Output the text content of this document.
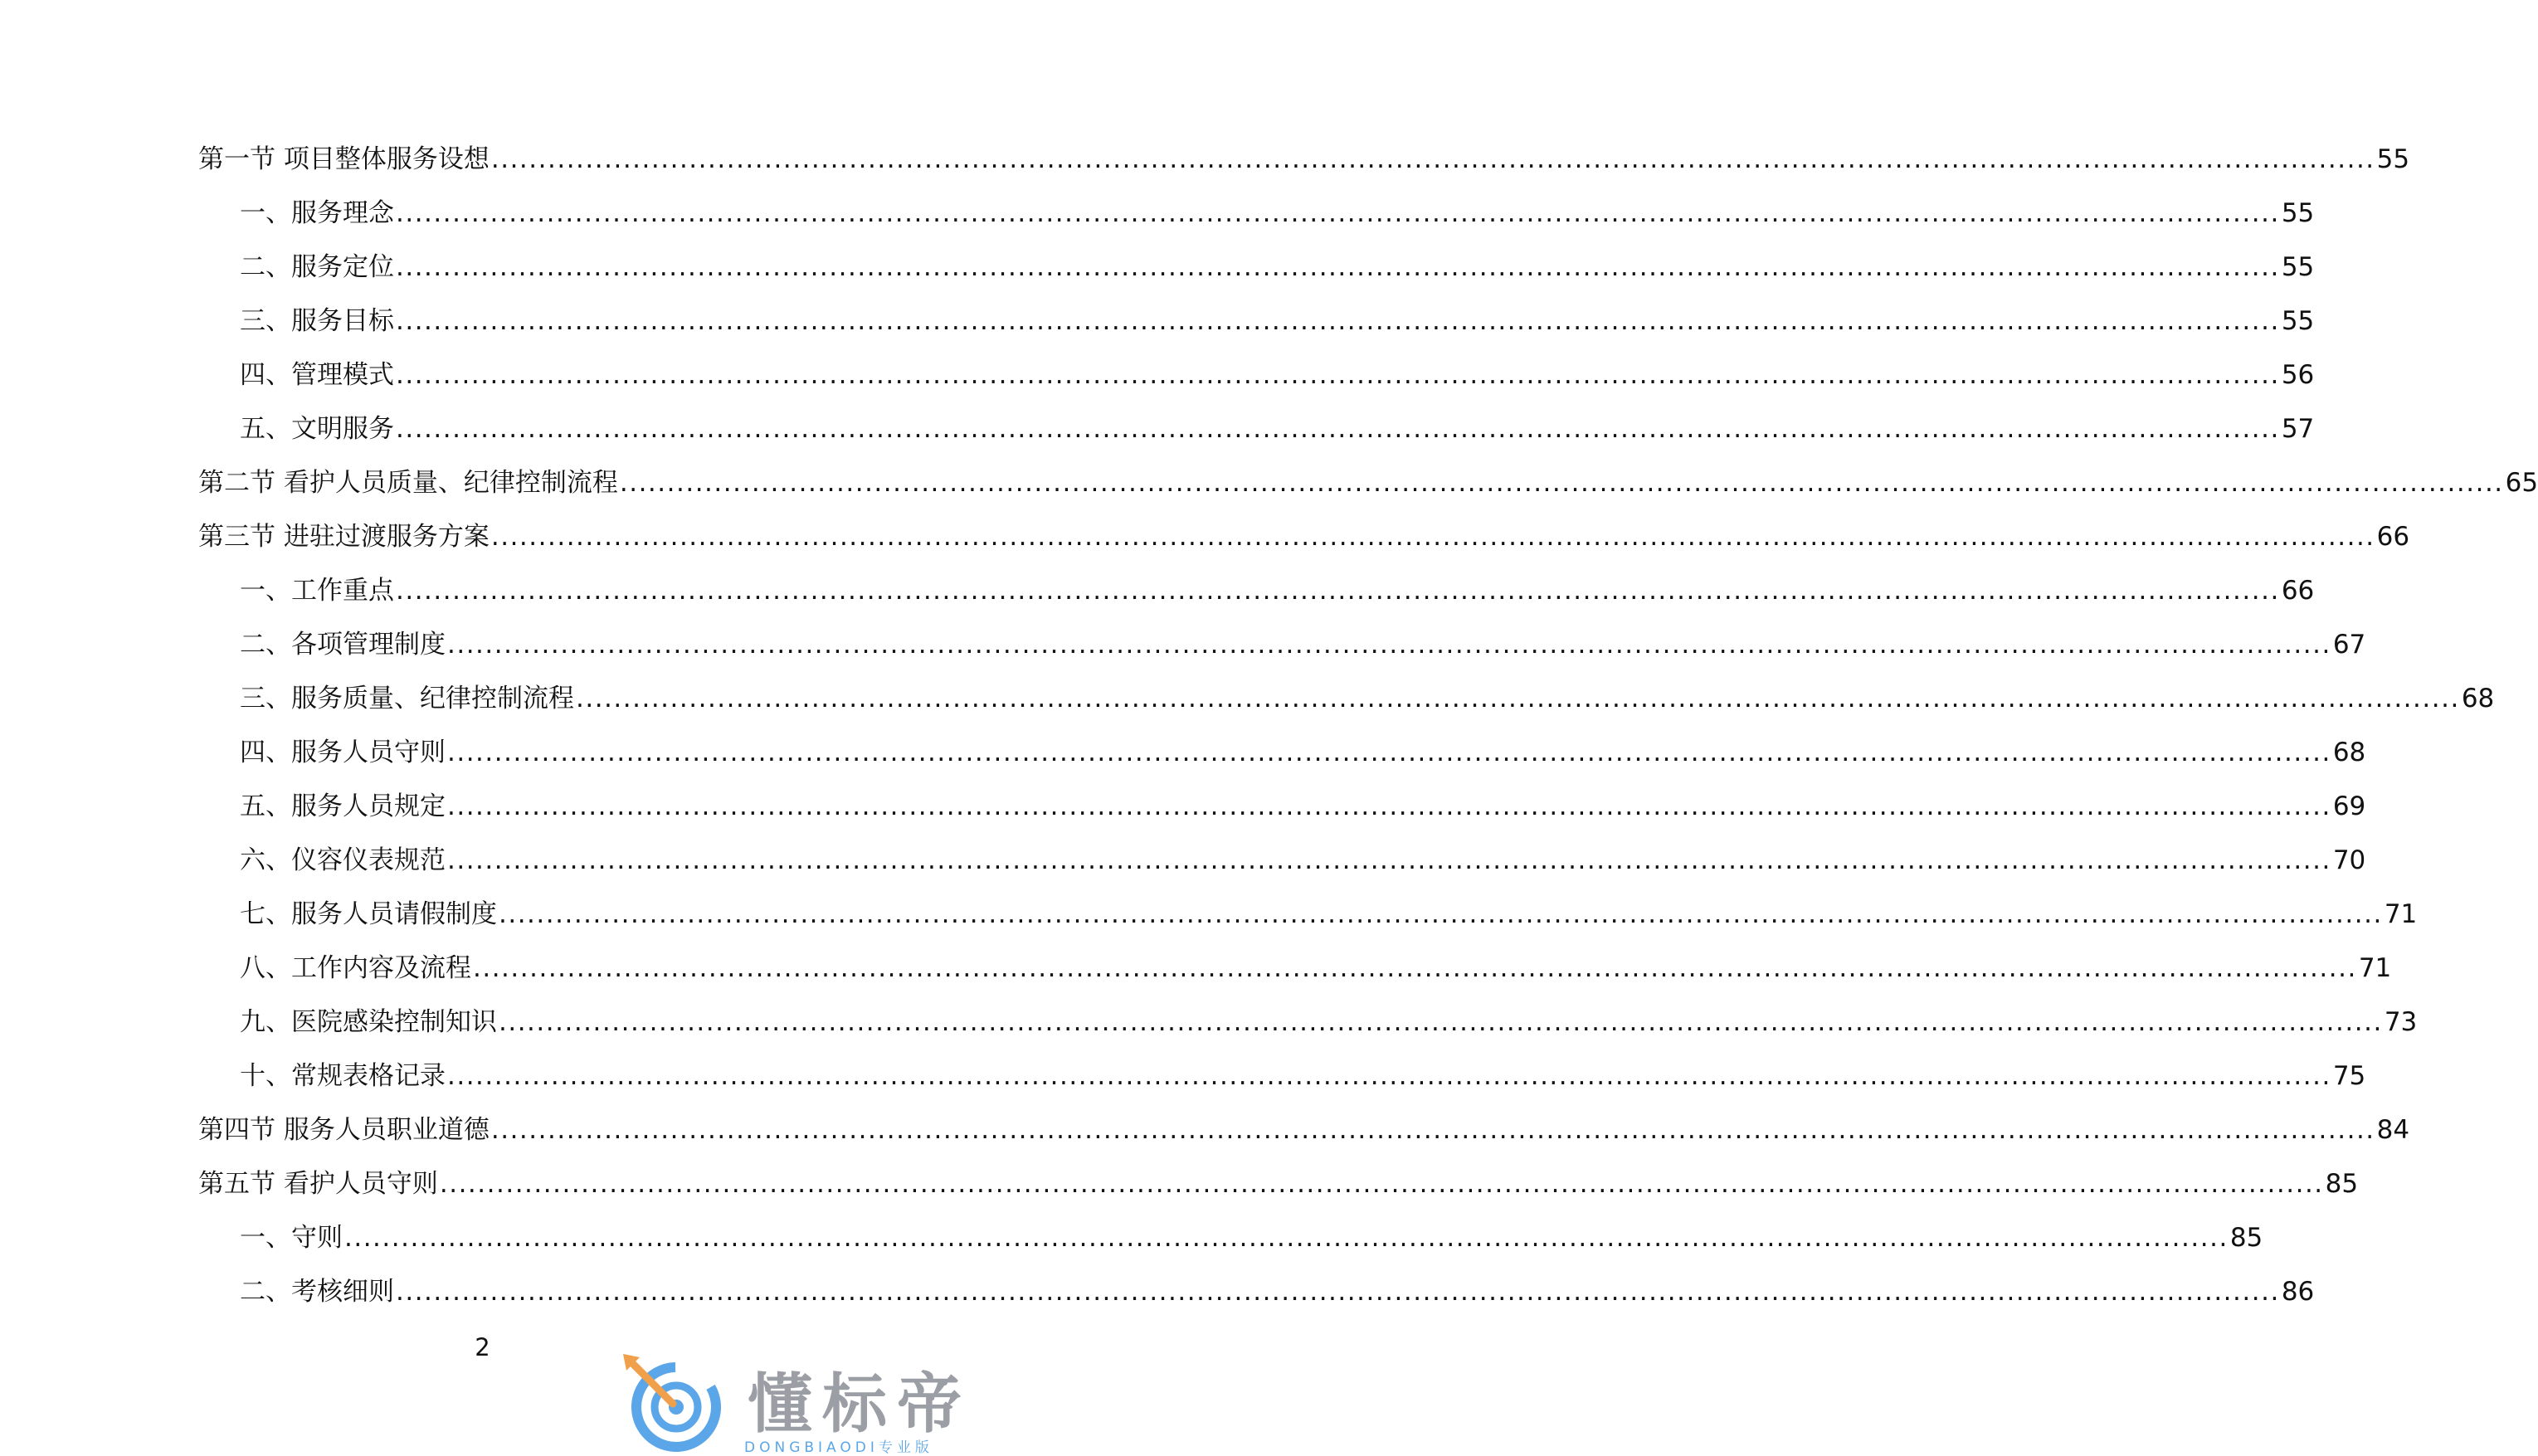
第一节 项目整体服务设想 ........................................................................................................................................................................................................ 55
一、服务理念 ........................................................................................................................................................................................................ 55
二、服务定位 ........................................................................................................................................................................................................ 55
三、服务目标 ........................................................................................................................................................................................................ 55
四、管理模式 ........................................................................................................................................................................................................ 56
五、文明服务 ........................................................................................................................................................................................................ 57
第二节 看护人员质量、纪律控制流程 ........................................................................................................................................................................................................ 65
第三节 进驻过渡服务方案 ........................................................................................................................................................................................................ 66
一、工作重点 ........................................................................................................................................................................................................ 66
二、各项管理制度 ........................................................................................................................................................................................................ 67
三、服务质量、纪律控制流程 ........................................................................................................................................................................................................ 68
四、服务人员守则 ........................................................................................................................................................................................................ 68
五、服务人员规定 ........................................................................................................................................................................................................ 69
六、仪容仪表规范 ........................................................................................................................................................................................................ 70
七、服务人员请假制度 ........................................................................................................................................................................................................ 71
八、工作内容及流程 ........................................................................................................................................................................................................ 71
九、医院感染控制知识 ........................................................................................................................................................................................................ 73
十、常规表格记录 ........................................................................................................................................................................................................ 75
第四节 服务人员职业道德 ........................................................................................................................................................................................................ 84
第五节 看护人员守则 ........................................................................................................................................................................................................ 85
一、守则 ........................................................................................................................................................................................................ 85
二、考核细则 ........................................................................................................................................................................................................ 86
2
懂标帝
DONGBIAODI专业版
